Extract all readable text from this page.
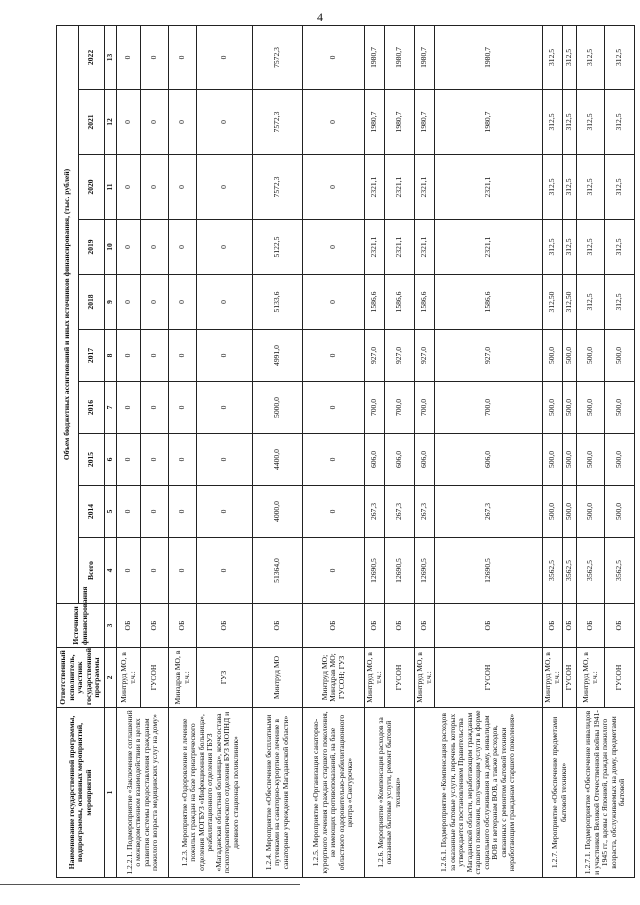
4
Наименование государственной программы, подпрограммы, основных мероприятий, мероприятий	Ответственный исполнитель, участник государственной программы	Источники финансирования	Объем бюджетных ассигнований и иных источников финансирования, (тыс. рублей)									
			Всего	2014	2015	2016	2017	2018	2019	2020	2021	2022
1	2	3	4	5	6	7	8	9	10	11	12	13
1.2.2.1. Подмероприятие «Заключение соглашений о межведомственном взаимодействии в целях развития системы предоставления гражданам пожилого возраста медицинских услуг на дому»	Минтруд МО, в т.ч.:	ОБ	0	0	0	0	0	0	0	0	0	0
	ГУСОН	ОБ	0	0	0	0	0	0	0	0	0	0
1.2.3. Мероприятие «Оздоровление и лечение пожилых граждан на базе гериатрического отделения МОГБУЗ «Инфекционная больница», реабилитационного отделения ГБУЗ «Магаданская областная больница», коечсостава психотерапевтического отделения БУЗ МОПНД и дневного стационара поликлиник»	Минздрав МО, в т.ч.:	ОБ	0	0	0	0	0	0	0	0	0	0
	ГУЗ	ОБ	0	0	0	0	0	0	0	0	0	0
1.2.4. Мероприятие «Обеспечение бесплатными путевками на санаторно-курортное лечение в санаторные учреждения Магаданской области»	Минтруд МО	ОБ	51364,0	4000,0	4400,0	5000,0	4991,0	5133,6	5122,5	7572,3	7572,3	7572,3
1.2.5. Мероприятие «Организация санаторно-курортного лечения граждан старшего поколения, не имеющих противопоказаний, на базе областного оздоровительно-реабилитационного центра «Снегурочка»	Минтруд МО; Минздрав МО; ГУСОН; ГУЗ	ОБ	0	0	0	0	0	0	0	0	0	0
1.2.6. Мероприятие «Компенсация расходов за оказанные бытовые услуги, ремонт бытовой техники»	Минтруд МО, в т.ч.:	ОБ	12690,5	267,3	606,0	700,0	927,0	1586,6	2321,1	2321,1	1980,7	1980,7
	ГУСОН	ОБ	12690,5	267,3	606,0	700,0	927,0	1586,6	2321,1	2321,1	1980,7	1980,7
1.2.6.1. Подмероприятие «Компенсация расходов за оказанные бытовые услуги, перечень которых утверждается постановлением Правительства Магаданской области, неработающим гражданам старшего поколения, получающим услуги в форме социального обслуживания на дому, инвалидам ВОВ и ветеранам ВОВ, а также расходов, связанных с ремонтом бытовой техники неработающим гражданам старшего поколения»	Минтруд МО, в т.ч.:	ОБ	12690,5	267,3	606,0	700,0	927,0	1586,6	2321,1	2321,1	1980,7	1980,7
	ГУСОН	ОБ	12690,5	267,3	606,0	700,0	927,0	1586,6	2321,1	2321,1	1980,7	1980,7
1.2.7. Мероприятие «Обеспечение предметами бытовой техники»	Минтруд МО, в т.ч.:	ОБ	3562,5	500,0	500,0	500,0	500,0	312,50	312,5	312,5	312,5	312,5
	ГУСОН	ОБ	3562,5	500,0	500,0	500,0	500,0	312,50	312,5	312,5	312,5	312,5
1.2.7.1. Подмероприятие «Обеспечение инвалидов и участников Великой Отечественной войны 1941-1945 гг., вдовы с Японией, граждан пожилого возраста, обслуживаемых на дому, предметами бытовой	Минтруд МО, в т.ч.:	ОБ	3562,5	500,0	500,0	500,0	500,0	312,5	312,5	312,5	312,5	312,5
	ГУСОН	ОБ	3562,5	500,0	500,0	500,0	500,0	312,5	312,5	312,5	312,5	312,5
